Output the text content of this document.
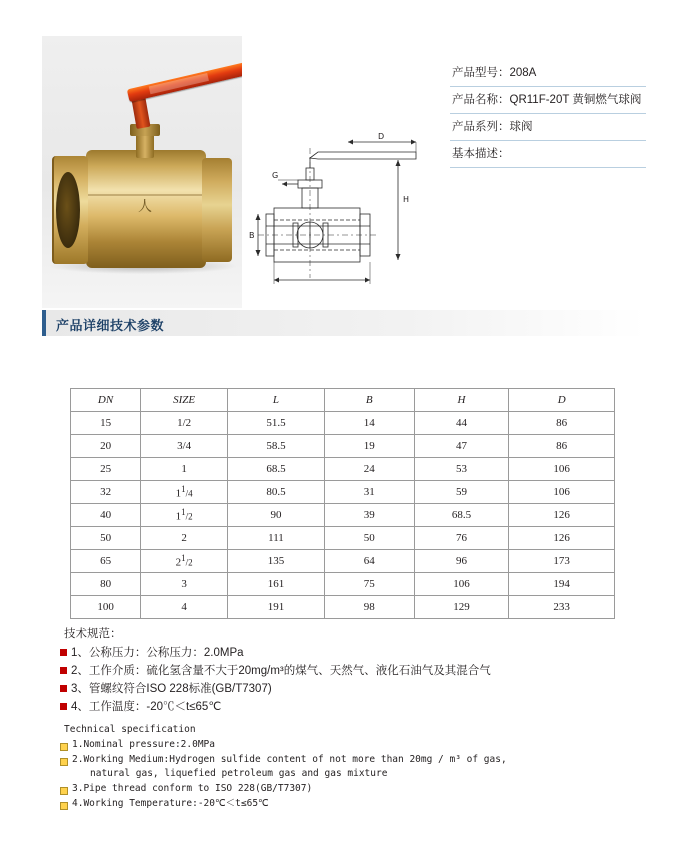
人
D
G
H
B
产品型号： 208A
产品名称： QR11F-20T 黄铜燃气球阀
产品系列： 球阀
基本描述：
产品详细技术参数
DN	SIZE	L	B	H	D
15	1/2	51.5	14	44	86
20	3/4	58.5	19	47	86
25	1	68.5	24	53	106
32	$1^1/4$	80.5	31	59	106
40	$1^1/2$	90	39	68.5	126
50	2	111	50	76	126
65	$2^1/2$	135	64	96	173
80	3	161	75	106	194
100	4	191	98	129	233
技术规范：
1、公称压力：公称压力：2.0MPa
2、工作介质：硫化氢含量不大于20mg/m³的煤气、天然气、液化石油气及其混合气
3、管螺纹符合ISO 228标准(GB/T7307)
4、工作温度：-20℃＜t≤65℃
Technical specification
1.Nominal pressure:2.0MPa
2.Working Medium:Hydrogen sulfide content of not more than 20mg / m³ of gas,
natural gas, liquefied petroleum gas and gas mixture
3.Pipe thread conform to ISO 228(GB/T7307)
4.Working Temperature:-20℃＜t≤65℃
